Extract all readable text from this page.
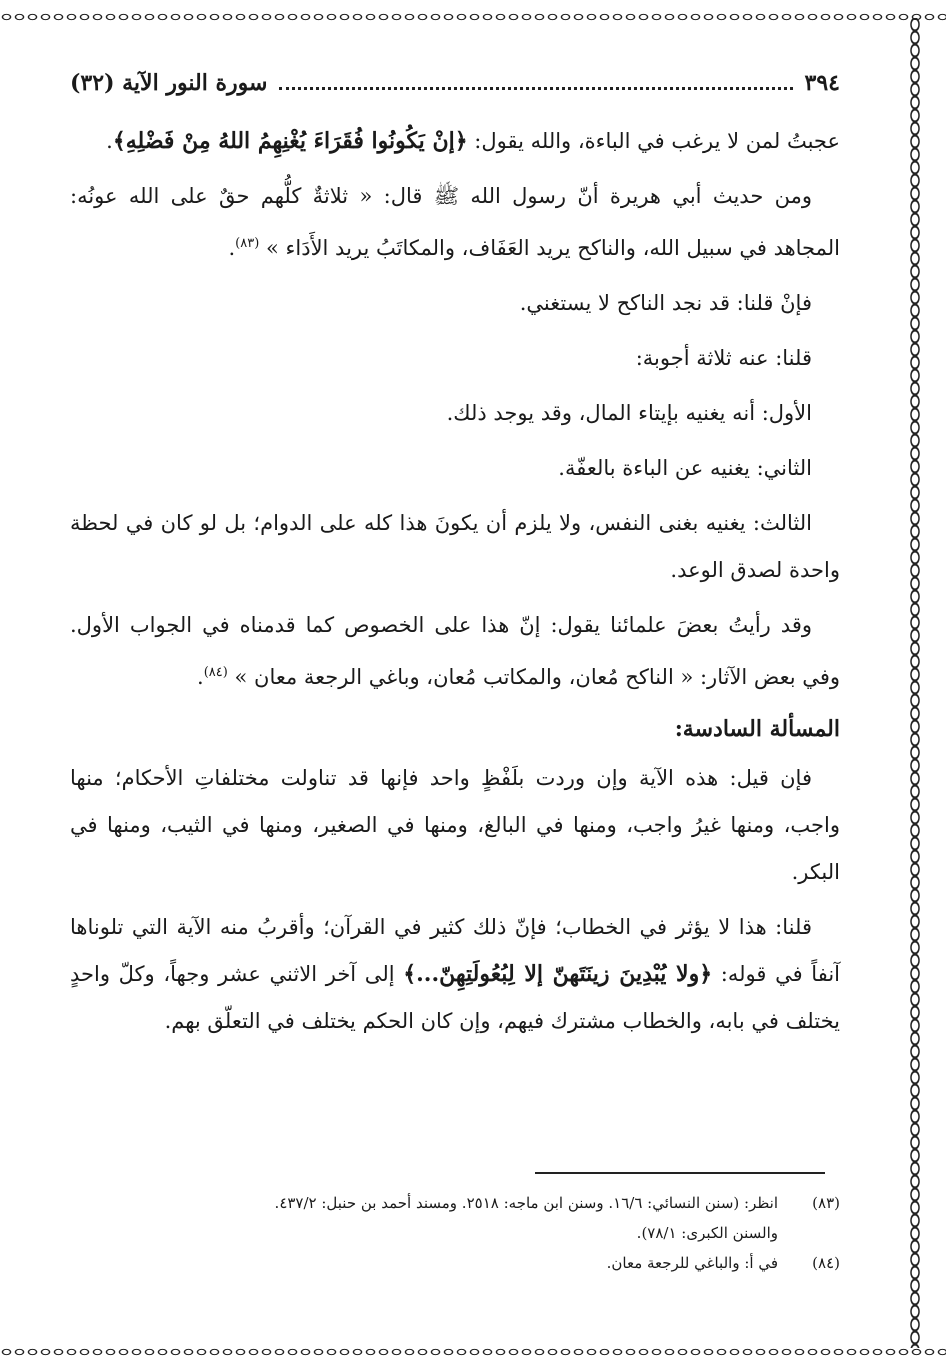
٣٩٤
سورة النور الآية (٣٢)

عجبتُ لمن لا يرغب في الباءة، والله يقول: ﴿إنْ يَكُونُوا فُقَرَاءَ يُغْنِهِمُ اللهُ مِنْ فَضْلِهِ﴾.

ومن حديث أبي هريرة أنّ رسول الله ﷺ قال: « ثلاثةٌ كلُّهم حقٌ على الله عونُه: المجاهد في سبيل الله، والناكح يريد العَفَاف، والمكاتَبُ يريد الأَدَاء » $^{(٨٣)}$.

فإنْ قلنا: قد نجد الناكح لا يستغني.

قلنا: عنه ثلاثة أجوبة:

الأول: أنه يغنيه بإيتاء المال، وقد يوجد ذلك.

الثاني: يغنيه عن الباءة بالعفّة.

الثالث: يغنيه بغنى النفس، ولا يلزم أن يكونَ هذا كله على الدوام؛ بل لو كان في لحظة واحدة لصدق الوعد.

وقد رأيتُ بعضَ علمائنا يقول: إنّ هذا على الخصوص كما قدمناه في الجواب الأول. وفي بعض الآثار: « الناكح مُعان، والمكاتب مُعان، وباغي الرجعة معان » $^{(٨٤)}$.

المسألة السادسة:

فإن قيل: هذه الآية وإن وردت بلَفْظٍ واحد فإنها قد تناولت مختلفاتِ الأحكام؛ منها واجب، ومنها غيرُ واجب، ومنها في البالغ، ومنها في الصغير، ومنها في الثيب، ومنها في البكر.

قلنا: هذا لا يؤثر في الخطاب؛ فإنّ ذلك كثير في القرآن؛ وأقربُ منه الآية التي تلوناها آنفاً في قوله: ﴿ولا يُبْدِينَ زينَتَهنّ إلا لِبُعُولَتِهِنّ...﴾ إلى آخر الاثني عشر وجهاً، وكلّ واحدٍ يختلف في بابه، والخطاب مشترك فيهم، وإن كان الحكم يختلف في التعلّق بهم.

(٨٣)انظر: (سنن النسائي: ١٦/٦. وسنن ابن ماجه: ٢٥١٨. ومسند أحمد بن حنبل: ٤٣٧/٢.
والسنن الكبرى: ٧٨/١).
(٨٤)في أ: والباغي للرجعة معان.
